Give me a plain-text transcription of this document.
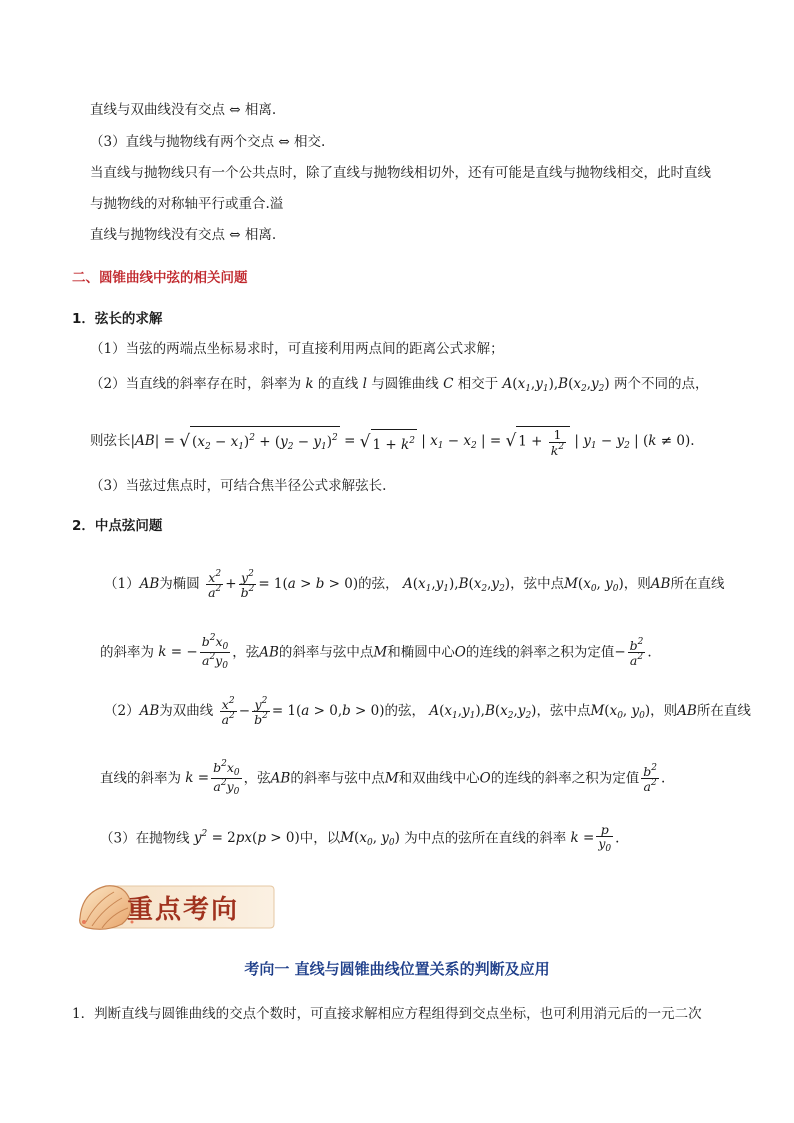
直线与双曲线没有交点 ⇔ 相离.
（3）直线与抛物线有两个交点 ⇔ 相交.
当直线与抛物线只有一个公共点时，除了直线与抛物线相切外，还有可能是直线与抛物线相交，此时直线
与抛物线的对称轴平行或重合.溢
直线与抛物线没有交点 ⇔ 相离.
二、圆锥曲线中弦的相关问题
1．弦长的求解
（1）当弦的两端点坐标易求时，可直接利用两点间的距离公式求解；
（2）当直线的斜率存在时，斜率为 k 的直线 l 与圆锥曲线 C 相交于 $A(x_1,y_1),B(x_2,y_2)$ 两个不同的点，
则弦长|AB| = √ $(x_2 - x_1)^2 + (y_2 - y_1)^2$ = √ $1 + k^2$ | $x_1 - x_2$ | = √ $1 + \frac{1}{k^2}$ | $y_1 - y_2$ | (k ≠ 0).
（3）当弦过焦点时，可结合焦半径公式求解弦长.
2．中点弦问题
（1）AB为椭圆 $\frac{x^2}{a^2} + \frac{y^2}{b^2} = 1(a > b > 0)$的弦， $A(x_1,y_1),B(x_2,y_2)$，弦中点$M(x_0$, $y_0$)，则AB所在直线
的斜率为 k = − $\frac{b^2x_0}{a^2y_0}$ ，弦AB的斜率与弦中点M和椭圆中心O的连线的斜率之积为定值− $\frac{b^2}{a^2}$ .
（2）AB为双曲线 $\frac{x^2}{a^2} - \frac{y^2}{b^2} = 1(a > 0,b > 0)$的弦， $A(x_1,y_1),B(x_2,y_2)$，弦中点$M(x_0$, $y_0$)，则AB所在直线
直线的斜率为 $k = \frac{b^2x_0}{a^2y_0}$ ，弦AB的斜率与弦中点M和双曲线中心O的连线的斜率之积为定值 $\frac{b^2}{a^2}$ .
（3）在抛物线 $y^2 = 2px(p > 0)$中，以$M(x_0$, $y_0$) 为中点的弦所在直线的斜率 $k = \frac{p}{y_0}$ .
重点考向
考向一 直线与圆锥曲线位置关系的判断及应用
1．判断直线与圆锥曲线的交点个数时，可直接求解相应方程组得到交点坐标，也可利用消元后的一元二次
